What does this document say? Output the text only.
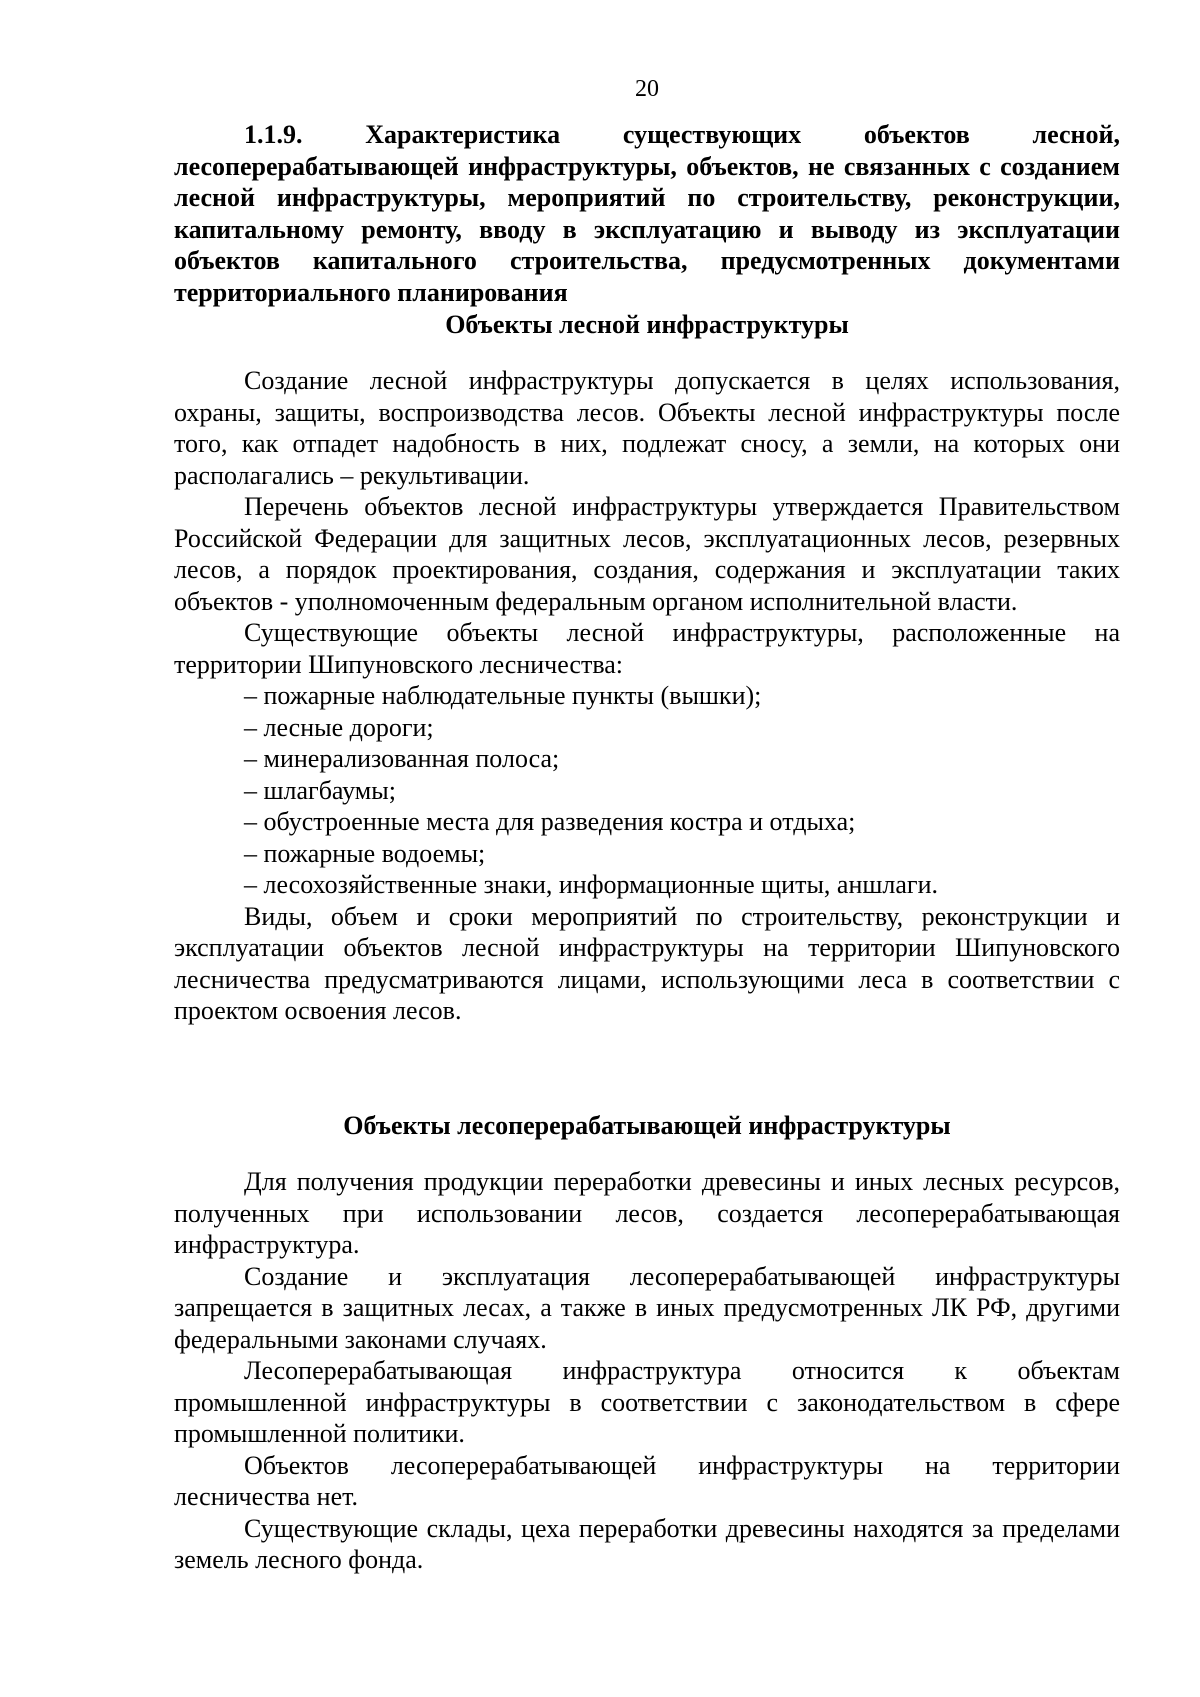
20
1.1.9. Характеристика существующих объектов лесной, лесоперерабатывающей инфраструктуры, объектов, не связанных с созданием лесной инфраструктуры, мероприятий по строительству, реконструкции, капитальному ремонту, вводу в эксплуатацию и выводу из эксплуатации объектов капитального строительства, предусмотренных документами территориального планирования
Объекты лесной инфраструктуры

Создание лесной инфраструктуры допускается в целях использования, охраны, защиты, воспроизводства лесов. Объекты лесной инфраструктуры после того, как отпадет надобность в них, подлежат сносу, а земли, на которых они располагались – рекультивации.

Перечень объектов лесной инфраструктуры утверждается Правительством Российской Федерации для защитных лесов, эксплуатационных лесов, резервных лесов, а порядок проектирования, создания, содержания и эксплуатации таких объектов - уполномоченным федеральным органом исполнительной власти.

Существующие объекты лесной инфраструктуры, расположенные на территории Шипуновского лесничества:

– пожарные наблюдательные пункты (вышки);
– лесные дороги;
– минерализованная полоса;
– шлагбаумы;
– обустроенные места для разведения костра и отдыха;
– пожарные водоемы;
– лесохозяйственные знаки, информационные щиты, аншлаги.

Виды, объем и сроки мероприятий по строительству, реконструкции и эксплуатации объектов лесной инфраструктуры на территории Шипуновского лесничества предусматриваются лицами, использующими леса в соответствии с проектом освоения лесов.

Объекты лесоперерабатывающей инфраструктуры

Для получения продукции переработки древесины и иных лесных ресурсов, полученных при использовании лесов, создается лесоперерабатывающая инфраструктура.

Создание и эксплуатация лесоперерабатывающей инфраструктуры запрещается в защитных лесах, а также в иных предусмотренных ЛК РФ, другими федеральными законами случаях.

Лесоперерабатывающая инфраструктура относится к объектам промышленной инфраструктуры в соответствии с законодательством в сфере промышленной политики.

Объектов лесоперерабатывающей инфраструктуры на территории лесничества нет.

Существующие склады, цеха переработки древесины находятся за пределами земель лесного фонда.
